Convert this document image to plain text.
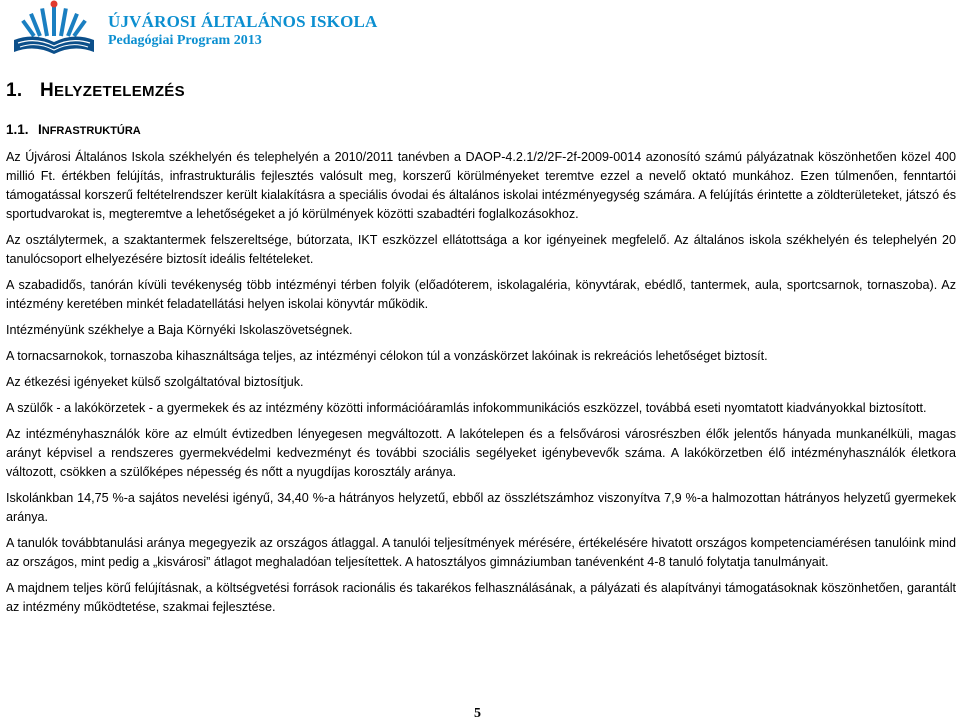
ÚJVÁROSI ÁLTALÁNOS ISKOLA
Pedagógiai Program 2013
1. HELYZETELEMZÉS
1.1. INFRASTRUKTÚRA

Az Újvárosi Általános Iskola székhelyén és telephelyén a 2010/2011 tanévben a DAOP-4.2.1/2/2F-2f-2009-0014 azonosító számú pályázatnak köszönhetően közel 400 millió Ft. értékben felújítás, infrastrukturális fejlesztés valósult meg, korszerű körülményeket teremtve ezzel a nevelő oktató munkához. Ezen túlmenően, fenntartói támogatással korszerű feltételrendszer került kialakításra a speciális óvodai és általános iskolai intézményegység számára. A felújítás érintette a zöldterületeket, játszó és sportudvarokat is, megteremtve a lehetőségeket a jó körülmények közötti szabadtéri foglalkozásokhoz.

Az osztálytermek, a szaktantermek felszereltsége, bútorzata, IKT eszközzel ellátottsága a kor igényeinek megfelelő. Az általános iskola székhelyén és telephelyén 20 tanulócsoport elhelyezésére biztosít ideális feltételeket.

A szabadidős, tanórán kívüli tevékenység több intézményi térben folyik (előadóterem, iskolagaléria, könyvtárak, ebédlő, tantermek, aula, sportcsarnok, tornaszoba). Az intézmény keretében minkét feladatellátási helyen iskolai könyvtár működik.

Intézményünk székhelye a Baja Környéki Iskolaszövetségnek.

A tornacsarnokok, tornaszoba kihasználtsága teljes, az intézményi célokon túl a vonzáskörzet lakóinak is rekreációs lehetőséget biztosít.

Az étkezési igényeket külső szolgáltatóval biztosítjuk.

A szülők - a lakókörzetek - a gyermekek és az intézmény közötti információáramlás infokommunikációs eszközzel, továbbá eseti nyomtatott kiadványokkal biztosított.

Az intézményhasználók köre az elmúlt évtizedben lényegesen megváltozott. A lakótelepen és a felsővárosi városrészben élők jelentős hányada munkanélküli, magas arányt képvisel a rendszeres gyermekvédelmi kedvezményt és további szociális segélyeket igénybevevők száma. A lakókörzetben élő intézményhasználók életkora változott, csökken a szülőképes népesség és nőtt a nyugdíjas korosztály aránya.

Iskolánkban 14,75 %-a sajátos nevelési igényű, 34,40 %-a hátrányos helyzetű, ebből az összlétszámhoz viszonyítva 7,9 %-a halmozottan hátrányos helyzetű gyermekek aránya.

A tanulók továbbtanulási aránya megegyezik az országos átlaggal. A tanulói teljesítmények mérésére, értékelésére hivatott országos kompetenciamérésen tanulóink mind az országos, mint pedig a „kisvárosi” átlagot meghaladóan teljesítettek. A hatosztályos gimnáziumban tanévenként 4-8 tanuló folytatja tanulmányait.

A majdnem teljes körű felújításnak, a költségvetési források racionális és takarékos felhasználásának, a pályázati és alapítványi támogatásoknak köszönhetően, garantált az intézmény működtetése, szakmai fejlesztése.

5
